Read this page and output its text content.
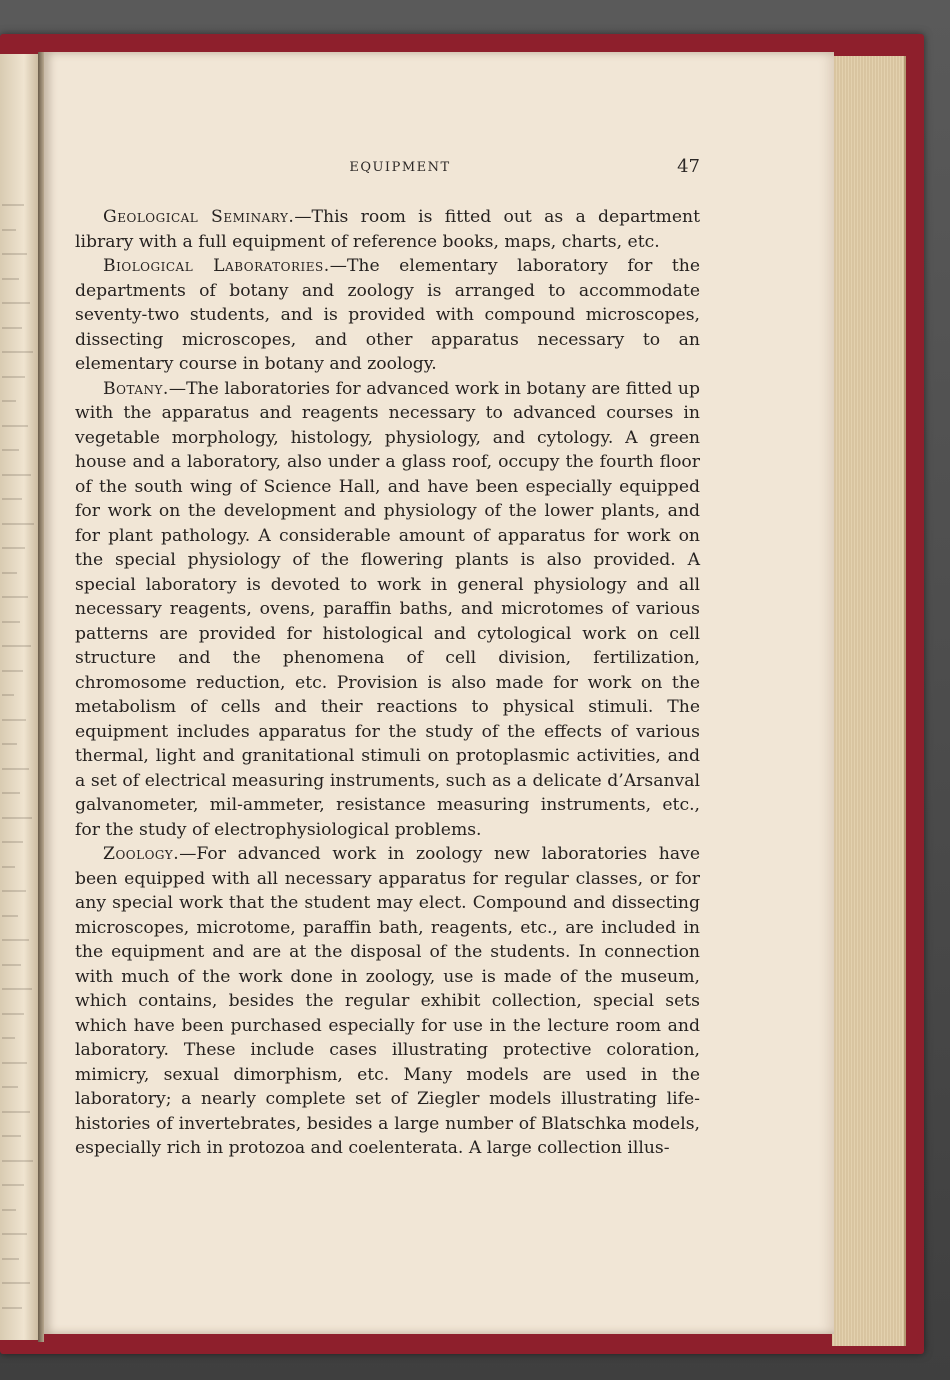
EQUIPMENT	47

Geological Seminary.—This room is fitted out as a department library with a full equipment of reference books, maps, charts, etc.

Biological Laboratories.—The elementary laboratory for the departments of botany and zoology is arranged to accommodate seventy-two students, and is provided with compound microscopes, dissecting microscopes, and other apparatus necessary to an elementary course in botany and zoology.

Botany.—The laboratories for advanced work in botany are fitted up with the apparatus and reagents necessary to advanced courses in vegetable morphology, histology, physiology, and cytology. A green house and a laboratory, also under a glass roof, occupy the fourth floor of the south wing of Science Hall, and have been especially equipped for work on the development and physiology of the lower plants, and for plant pathology. A considerable amount of apparatus for work on the special physiology of the flowering plants is also provided. A special laboratory is devoted to work in general physiology and all necessary reagents, ovens, paraffin baths, and microtomes of various patterns are provided for histological and cytological work on cell structure and the phenomena of cell division, fertilization, chromosome reduction, etc. Provision is also made for work on the metabolism of cells and their reactions to physical stimuli. The equipment includes apparatus for the study of the effects of various thermal, light and granitational stimuli on protoplasmic activities, and a set of electrical measuring instruments, such as a delicate d’Arsanval galvanometer, mil-ammeter, resistance measuring instruments, etc., for the study of electrophysiological problems.

Zoology.—For advanced work in zoology new laboratories have been equipped with all necessary apparatus for regular classes, or for any special work that the student may elect. Compound and dissecting microscopes, microtome, paraffin bath, reagents, etc., are included in the equipment and are at the disposal of the students. In connection with much of the work done in zoology, use is made of the museum, which contains, besides the regular exhibit collection, special sets which have been purchased especially for use in the lecture room and laboratory. These include cases illustrating protective coloration, mimicry, sexual dimorphism, etc. Many models are used in the laboratory; a nearly complete set of Ziegler models illustrating life-histories of invertebrates, besides a large number of Blatschka models, especially rich in protozoa and coelenterata. A large collection illus-
